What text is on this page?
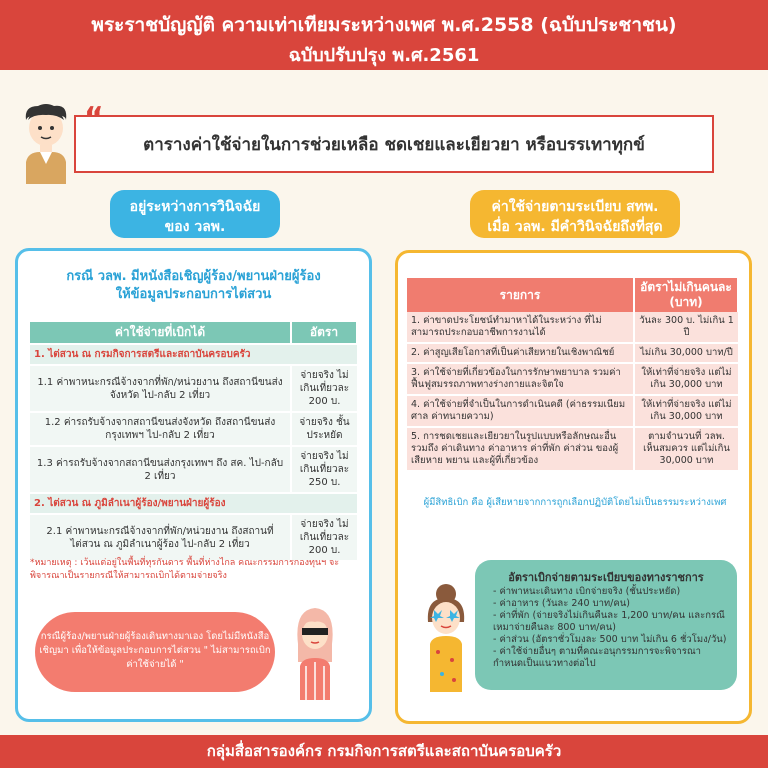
พระราชบัญญัติ ความเท่าเทียมระหว่างเพศ พ.ศ.2558 (ฉบับประชาชน)
ฉบับปรับปรุง พ.ศ.2561
ตารางค่าใช้จ่ายในการช่วยเหลือ ชดเชยและเยียวยา หรือบรรเทาทุกข์
อยู่ระหว่างการวินิจฉัย
ของ วลพ.
ค่าใช้จ่ายตามระเบียบ สทพ.
เมื่อ วลพ. มีคำวินิจฉัยถึงที่สุด
กรณี วลพ. มีหนังสือเชิญผู้ร้อง/พยานฝ่ายผู้ร้อง
ให้ข้อมูลประกอบการไต่สวน
ค่าใช้จ่ายที่เบิกได้	อัตรา
1. ไต่สวน ณ กรมกิจการสตรีและสถาบันครอบครัว	
1.1 ค่าพาหนะกรณีจ้างจากที่พัก/หน่วยงาน ถึงสถานีขนส่งจังหวัด ไป-กลับ 2 เที่ยว	จ่ายจริง ไม่เกินเที่ยวละ 200 บ.
1.2 ค่ารถรับจ้างจากสถานีขนส่งจังหวัด ถึงสถานีขนส่งกรุงเทพฯ ไป-กลับ 2 เที่ยว	จ่ายจริง ชั้นประหยัด
1.3 ค่ารถรับจ้างจากสถานีขนส่งกรุงเทพฯ ถึง สค. ไป-กลับ 2 เที่ยว	จ่ายจริง ไม่เกินเที่ยวละ 250 บ.
2. ไต่สวน ณ ภูมิลำเนาผู้ร้อง/พยานฝ่ายผู้ร้อง	
2.1 ค่าพาหนะกรณีจ้างจากที่พัก/หน่วยงาน ถึงสถานที่ไต่สวน ณ ภูมิลำเนาผู้ร้อง ไป-กลับ 2 เที่ยว	จ่ายจริง ไม่เกินเที่ยวละ 200 บ.
*หมายเหตุ : เว้นแต่อยู่ในพื้นที่ทุรกันดาร พื้นที่ห่างไกล คณะกรรมการกองทุนฯ จะพิจารณาเป็นรายกรณีให้สามารถเบิกได้ตามจ่ายจริง
กรณีผู้ร้อง/พยานฝ่ายผู้ร้องเดินทางมาเอง โดยไม่มีหนังสือเชิญมา เพื่อให้ข้อมูลประกอบการไต่สวน " ไม่สามารถเบิกค่าใช้จ่ายได้ "
รายการ	อัตราไม่เกินคนละ (บาท)
1. ค่าขาดประโยชน์ทำมาหาได้ในระหว่าง ที่ไม่สามารถประกอบอาชีพการงานได้	วันละ 300 บ. ไม่เกิน 1 ปี
2. ค่าสูญเสียโอกาสที่เป็นค่าเสียหายในเชิงพาณิชย์	ไม่เกิน 30,000 บาท/ปี
3. ค่าใช้จ่ายที่เกี่ยวข้องในการรักษาพยาบาล รวมค่าฟื้นฟูสมรรถภาพทางร่างกายและจิตใจ	ให้เท่าที่จ่ายจริง แต่ไม่เกิน 30,000 บาท
4. ค่าใช้จ่ายที่จำเป็นในการดำเนินคดี (ค่าธรรมเนียมศาล ค่าทนายความ)	ให้เท่าที่จ่ายจริง แต่ไม่เกิน 30,000 บาท
5. การชดเชยและเยียวยาในรูปแบบหรือลักษณะอื่น รวมถึง ค่าเดินทาง ค่าอาหาร ค่าที่พัก ค่าส่วน ของผู้เสียหาย พยาน และผู้ที่เกี่ยวข้อง	ตามจำนวนที่ วลพ. เห็นสมควร แต่ไม่เกิน 30,000 บาท
ผู้มีสิทธิเบิก คือ ผู้เสียหายจากการถูกเลือกปฏิบัติโดยไม่เป็นธรรมระหว่างเพศ
อัตราเบิกจ่ายตามระเบียบของทางราชการ
- ค่าพาหนะเดินทาง เบิกจ่ายจริง (ชั้นประหยัด)
- ค่าอาหาร (วันละ 240 บาท/คน)
- ค่าที่พัก (จ่ายจริงไม่เกินคืนละ 1,200 บาท/คน และกรณีเหมาจ่ายคืนละ 800 บาท/คน)
- ค่าส่วน (อัตราชั่วโมงละ 500 บาท ไม่เกิน 6 ชั่วโมง/วัน)
- ค่าใช้จ่ายอื่นๆ ตามที่คณะอนุกรรมการจะพิจารณา กำหนดเป็นแนวทางต่อไป
กลุ่มสื่อสารองค์กร กรมกิจการสตรีและสถาบันครอบครัว
